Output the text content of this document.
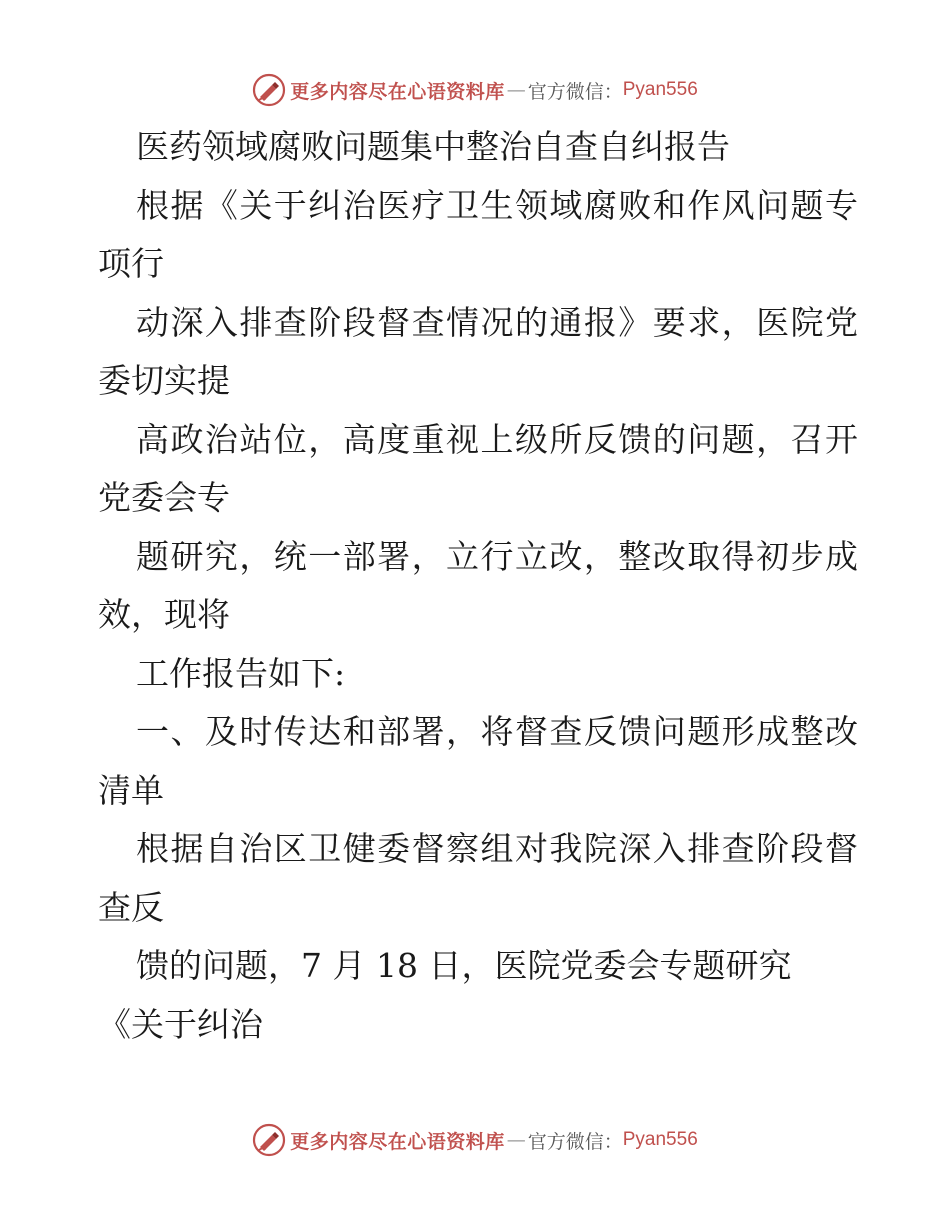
更多内容尽在心语资料库 — 官方微信： Pyan556
医药领域腐败问题集中整治自查自纠报告
根据《关于纠治医疗卫生领域腐败和作风问题专
项行
动深入排查阶段督查情况的通报》要求，医院党
委切实提
高政治站位，高度重视上级所反馈的问题，召开
党委会专
题研究，统一部署，立行立改，整改取得初步成
效，现将
工作报告如下:
一、及时传达和部署，将督查反馈问题形成整改
清单
根据自治区卫健委督察组对我院深入排查阶段督
查反
馈的问题，7 月 18 日，医院党委会专题研究
《关于纠治
更多内容尽在心语资料库 — 官方微信： Pyan556
